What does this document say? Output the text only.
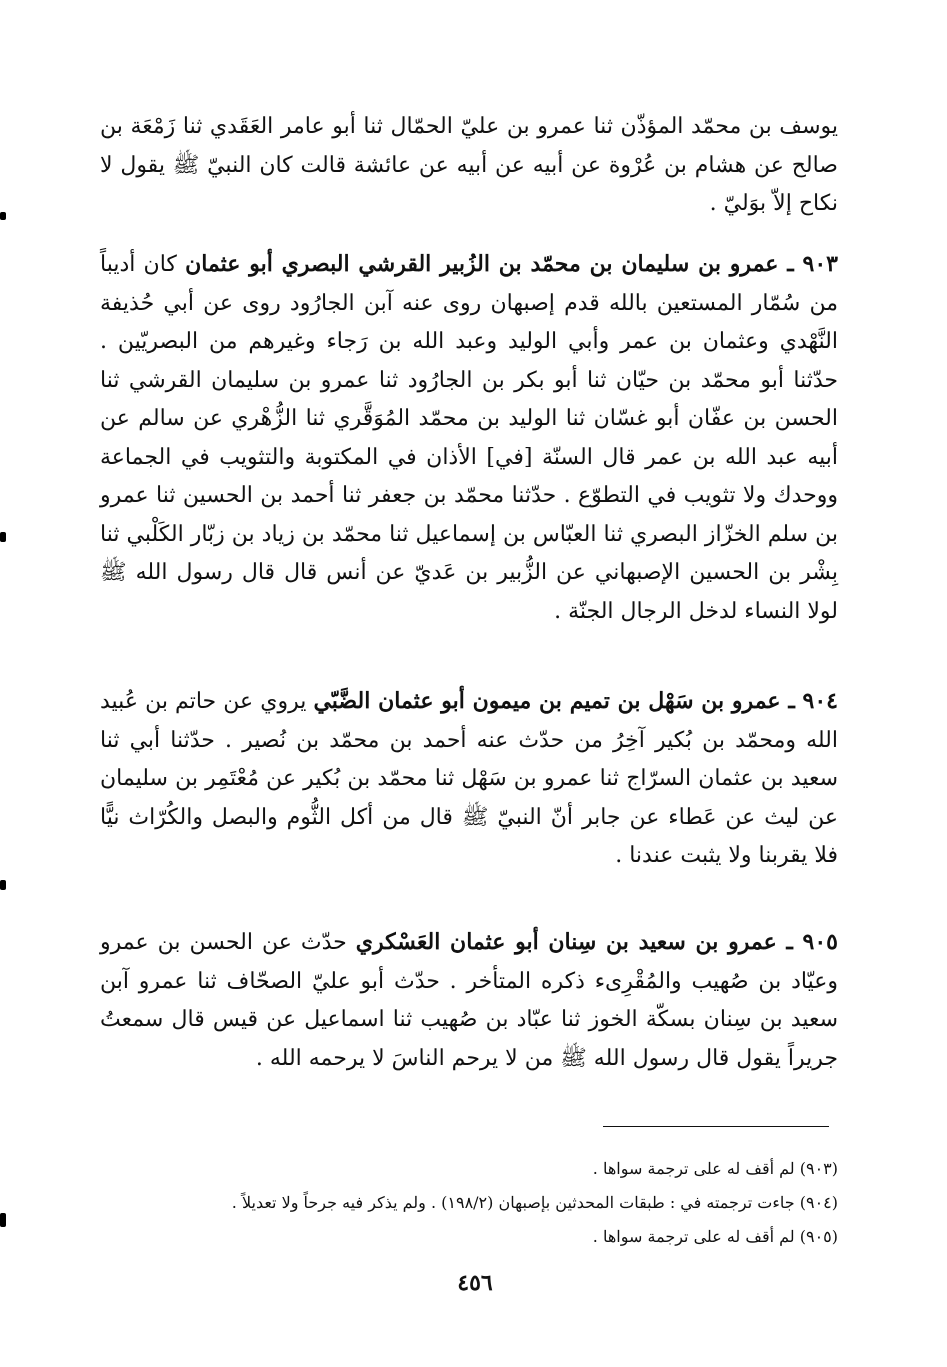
يوسف بن محمّد المؤذّن ثنا عمرو بن عليّ الحمّال ثنا أبو عامر العَقَدي ثنا زَمْعَة بن صالح عن هشام بن عُرْوة عن أبيه عن أبيه عن عائشة قالت كان النبيّ ﷺ يقول لا نكاح إلاّ بوَليّ .

٩٠٣ ـ عمرو بن سليمان بن محمّد بن الزُبير القرشي البصري أبو عثمان كان أديباً من سُمّار المستعين بالله قدم إصبهان روى عنه آبن الجارُود روى عن أبي حُذيفة النَّهْدي وعثمان بن عمر وأبي الوليد وعبد الله بن رَجاء وغيرهم من البصريّين . حدّثنا أبو محمّد بن حيّان ثنا أبو بكر بن الجارُود ثنا عمرو بن سليمان القرشي ثنا الحسن بن عفّان أبو غسّان ثنا الوليد بن محمّد المُوَقَّري ثنا الزُّهْري عن سالم عن أبيه عبد الله بن عمر قال السنّة [في] الأذان في المكتوبة والتثويب في الجماعة ووحدك ولا تثويب في التطوّع . حدّثنا محمّد بن جعفر ثنا أحمد بن الحسين ثنا عمرو بن سلم الخزّاز البصري ثنا العبّاس بن إسماعيل ثنا محمّد بن زياد بن زبّار الكَلْبي ثنا بِشْر بن الحسين الإصبهاني عن الزُّبير بن عَديّ عن أنس قال قال رسول الله ﷺ لولا النساء لدخل الرجال الجنّة .

٩٠٤ ـ عمرو بن سَهْل بن تميم بن ميمون أبو عثمان الضَّبّي يروي عن حاتم بن عُبيد الله ومحمّد بن بُكير آخِرُ من حدّث عنه أحمد بن محمّد بن نُصير . حدّثنا أبي ثنا سعيد بن عثمان السرّاج ثنا عمرو بن سَهْل ثنا محمّد بن بُكير عن مُعْتَمِر بن سليمان عن ليث عن عَطاء عن جابر أنّ النبيّ ﷺ قال من أكل الثُّوم والبصل والكُرّاث نيًّا فلا يقربنا ولا يثبت عندنا .

٩٠٥ ـ عمرو بن سعيد بن سِنان أبو عثمان العَسْكري حدّث عن الحسن بن عمرو وعيّاد بن صُهيب والمُقْرِىء ذكره المتأخر . حدّث أبو عليّ الصحّاف ثنا عمرو آبن سعيد بن سِنان بسكّة الخوز ثنا عبّاد بن صُهيب ثنا اسماعيل عن قيس قال سمعتُ جريراً يقول قال رسول الله ﷺ من لا يرحم الناسَ لا يرحمه الله .

(٩٠٣) لم أقف له على ترجمة سواها .

(٩٠٤) جاءت ترجمته في : طبقات المحدثين بإصبهان (١٩٨/٢) . ولم يذكر فيه جرحاً ولا تعديلاً .

(٩٠٥) لم أقف له على ترجمة سواها .

٤٥٦
